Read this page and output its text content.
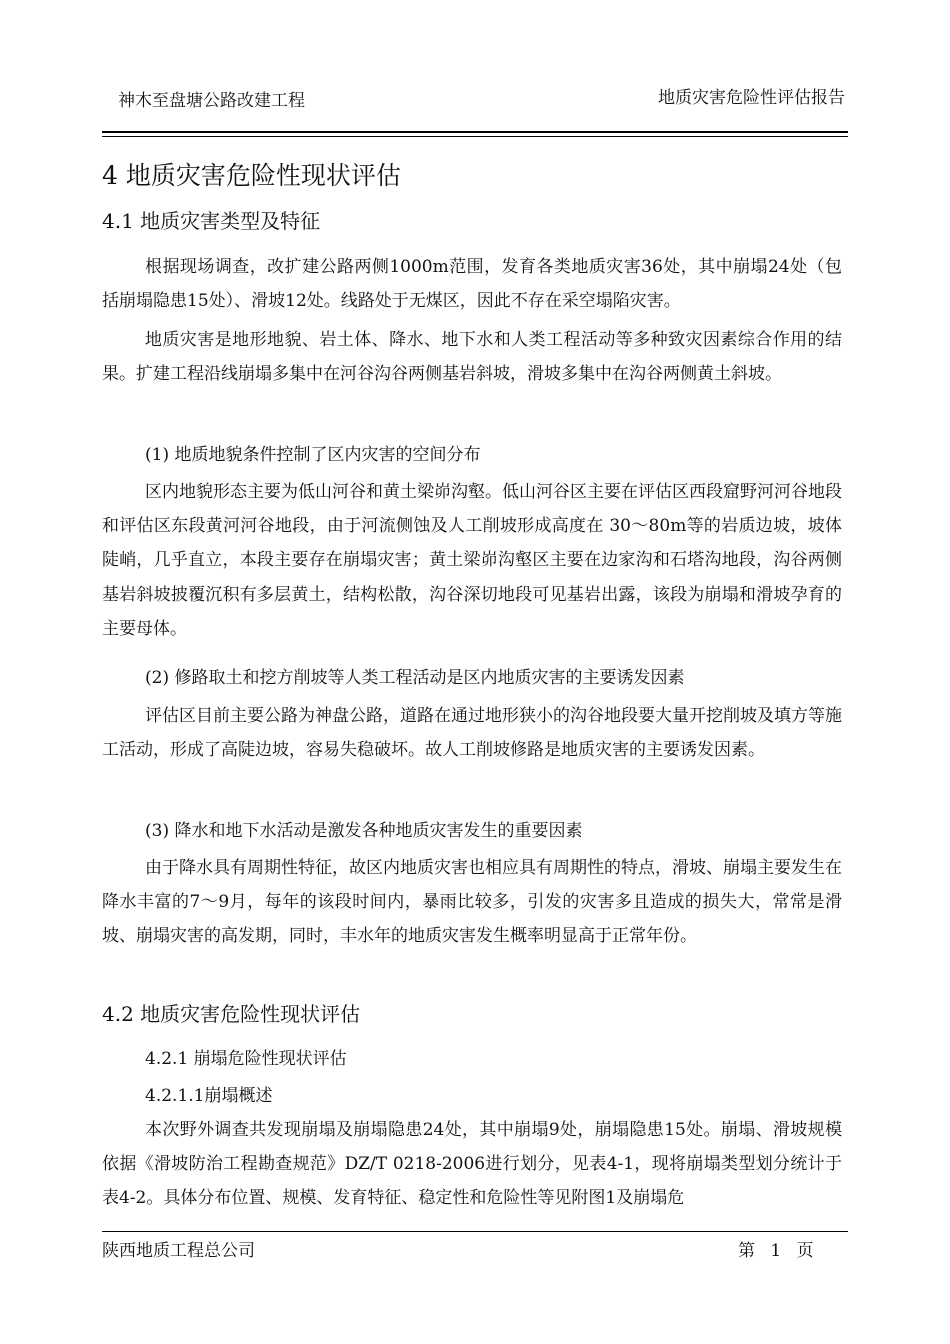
神木至盘塘公路改建工程	地质灾害危险性评估报告
4 地质灾害危险性现状评估
4.1 地质灾害类型及特征

根据现场调查，改扩建公路两侧1000m范围，发育各类地质灾害36处，其中崩塌24处（包括崩塌隐患15处）、滑坡12处。线路处于无煤区，因此不存在采空塌陷灾害。

地质灾害是地形地貌、岩土体、降水、地下水和人类工程活动等多种致灾因素综合作用的结果。扩建工程沿线崩塌多集中在河谷沟谷两侧基岩斜坡，滑坡多集中在沟谷两侧黄土斜坡。

(1) 地质地貌条件控制了区内灾害的空间分布

区内地貌形态主要为低山河谷和黄土梁峁沟壑。低山河谷区主要在评估区西段窟野河河谷地段和评估区东段黄河河谷地段，由于河流侧蚀及人工削坡形成高度在 30～80m等的岩质边坡，坡体陡峭，几乎直立，本段主要存在崩塌灾害；黄土梁峁沟壑区主要在边家沟和石塔沟地段，沟谷两侧基岩斜坡披覆沉积有多层黄土，结构松散，沟谷深切地段可见基岩出露，该段为崩塌和滑坡孕育的主要母体。

(2) 修路取土和挖方削坡等人类工程活动是区内地质灾害的主要诱发因素

评估区目前主要公路为神盘公路，道路在通过地形狭小的沟谷地段要大量开挖削坡及填方等施工活动，形成了高陡边坡，容易失稳破坏。故人工削坡修路是地质灾害的主要诱发因素。

(3) 降水和地下水活动是激发各种地质灾害发生的重要因素

由于降水具有周期性特征，故区内地质灾害也相应具有周期性的特点，滑坡、崩塌主要发生在降水丰富的7～9月，每年的该段时间内，暴雨比较多，引发的灾害多且造成的损失大，常常是滑坡、崩塌灾害的高发期，同时，丰水年的地质灾害发生概率明显高于正常年份。

4.2 地质灾害危险性现状评估
4.2.1 崩塌危险性现状评估
4.2.1.1崩塌概述

本次野外调查共发现崩塌及崩塌隐患24处，其中崩塌9处，崩塌隐患15处。崩塌、滑坡规模依据《滑坡防治工程勘查规范》DZ/T 0218-2006进行划分，见表4-1，现将崩塌类型划分统计于表4-2。具体分布位置、规模、发育特征、稳定性和危险性等见附图1及崩塌危

陕西地质工程总公司	第 1 页
